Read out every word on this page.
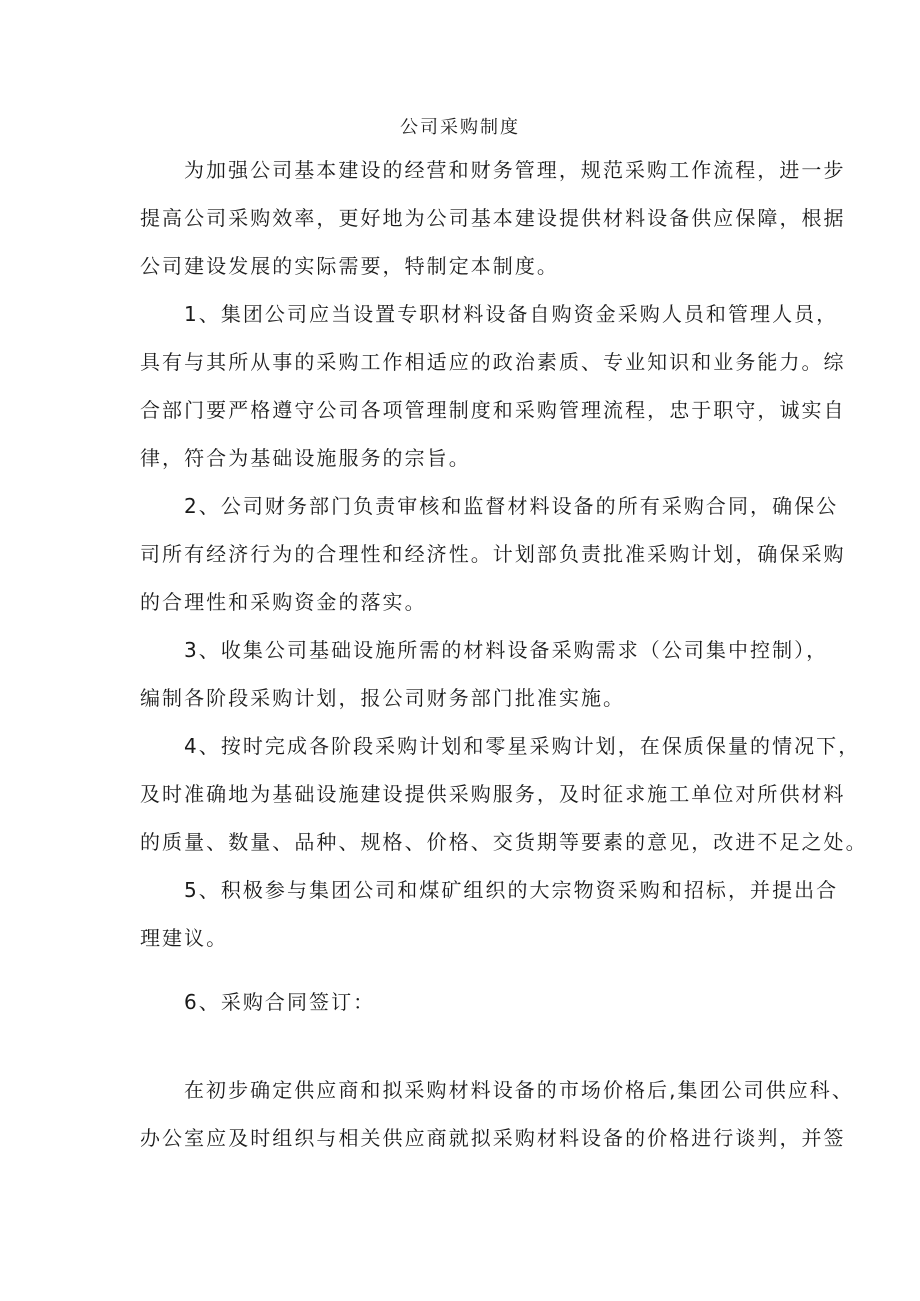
公司采购制度
为加强公司基本建设的经营和财务管理，规范采购工作流程，进一步
提高公司采购效率，更好地为公司基本建设提供材料设备供应保障，根据
公司建设发展的实际需要，特制定本制度。
1、集团公司应当设置专职材料设备自购资金采购人员和管理人员，
具有与其所从事的采购工作相适应的政治素质、专业知识和业务能力。综
合部门要严格遵守公司各项管理制度和采购管理流程，忠于职守，诚实自
律，符合为基础设施服务的宗旨。
2、公司财务部门负责审核和监督材料设备的所有采购合同，确保公
司所有经济行为的合理性和经济性。计划部负责批准采购计划，确保采购
的合理性和采购资金的落实。
3、收集公司基础设施所需的材料设备采购需求（公司集中控制），
编制各阶段采购计划，报公司财务部门批准实施。
4、按时完成各阶段采购计划和零星采购计划，在保质保量的情况下，
及时准确地为基础设施建设提供采购服务，及时征求施工单位对所供材料
的质量、数量、品种、规格、价格、交货期等要素的意见，改进不足之处。
5、积极参与集团公司和煤矿组织的大宗物资采购和招标，并提出合
理建议。
6、采购合同签订：
在初步确定供应商和拟采购材料设备的市场价格后,集团公司供应科、
办公室应及时组织与相关供应商就拟采购材料设备的价格进行谈判，并签
